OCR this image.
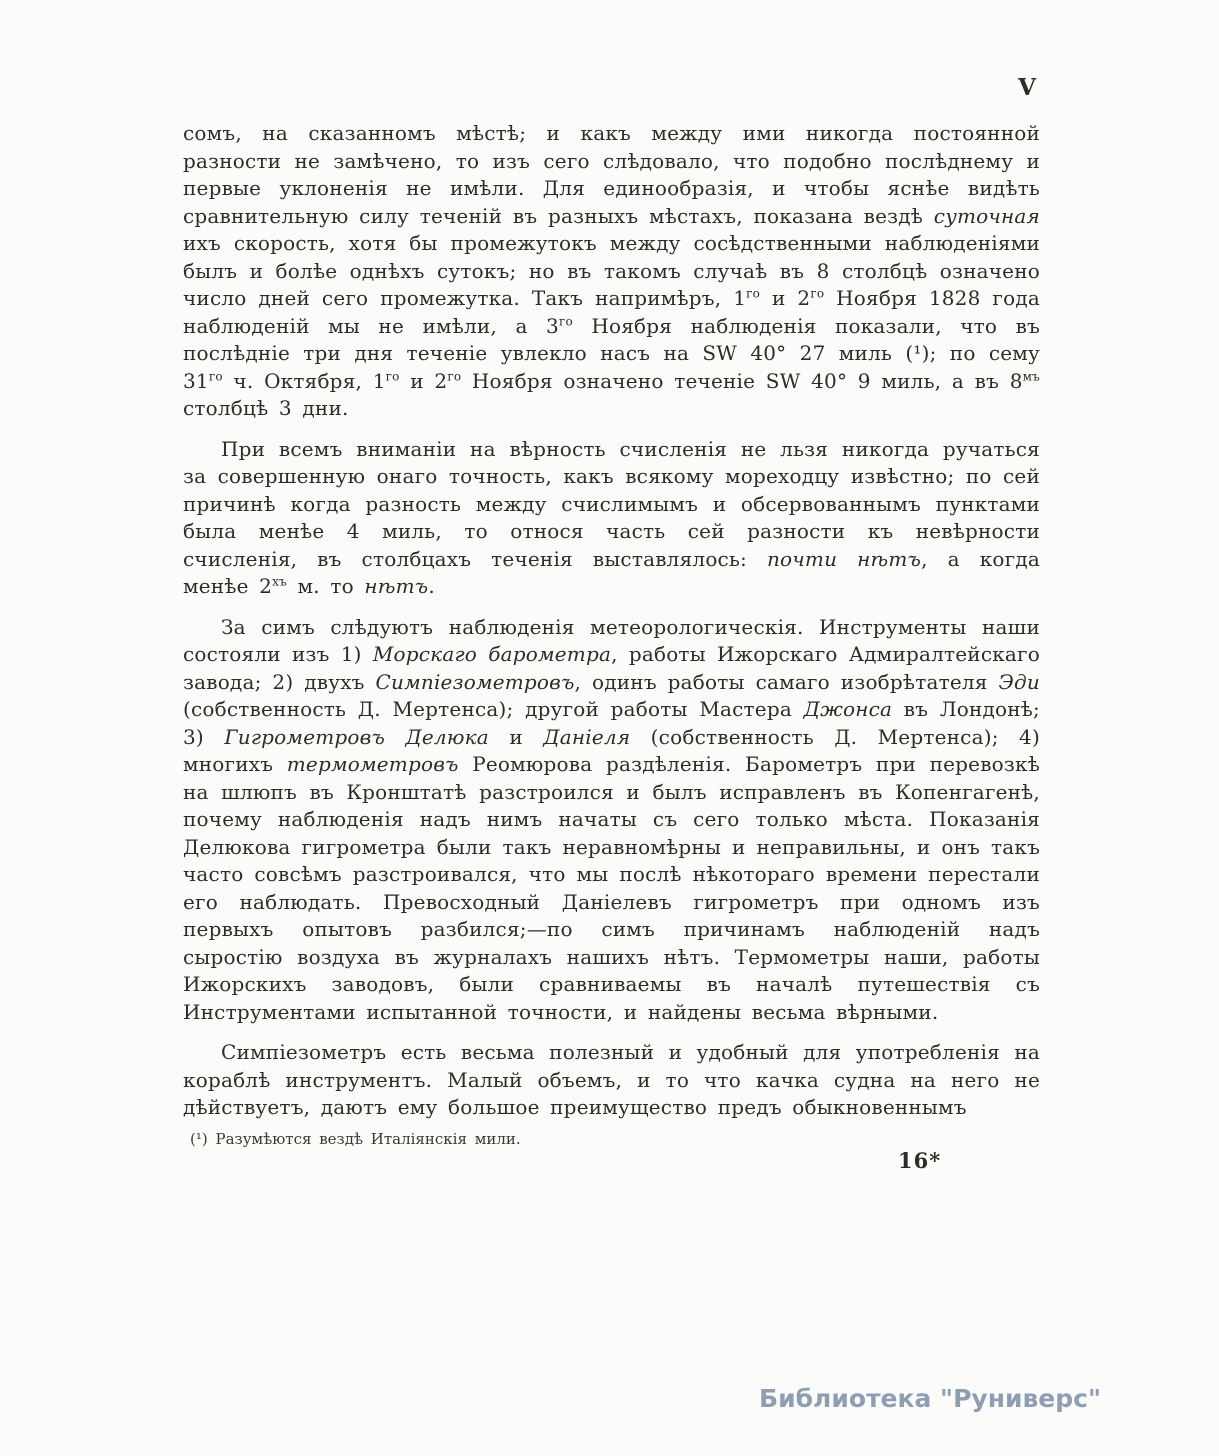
V

сомъ, на сказанномъ мѣстѣ; и какъ между ими никогда постоянной разности не замѣчено, то изъ сего слѣдовало, что подобно послѣднему и первые уклоненія не имѣли. Для единообразія, и чтобы яснѣе видѣть сравнительную силу теченій въ разныхъ мѣстахъ, показана вездѣ суточная ихъ скорость, хотя бы промежутокъ между сосѣдственными наблюденіями былъ и болѣе однѣхъ сутокъ; но въ такомъ случаѣ въ 8 столбцѣ означено число дней сего промежутка. Такъ напримѣръ, $1^{го}$ и $2^{го}$ Ноября 1828 года наблюденій мы не имѣли, а $3^{го}$ Ноября наблюденія показали, что въ послѣдніе три дня теченіе увлекло насъ на SW 40° 27 миль (¹); по сему $31^{го}$ ч. Октября, $1^{го}$ и $2^{го}$ Ноября означено теченіе SW 40° 9 миль, а въ $8^{мъ}$ столбцѣ 3 дни.

При всемъ вниманіи на вѣрность счисленія не льзя никогда ручаться за совершенную онаго точность, какъ всякому мореходцу извѣстно; по сей причинѣ когда разность между счислимымъ и обсервованнымъ пунктами была менѣе 4 миль, то относя часть сей разности къ невѣрности счисленія, въ столбцахъ теченія выставлялось: почти нѣтъ, а когда менѣе $2^{хъ}$ м. то нѣтъ.

За симъ слѣдуютъ наблюденія метеорологическія. Инструменты наши состояли изъ 1) Морскаго барометра, работы Ижорскаго Адмиралтейскаго завода; 2) двухъ Симпіезометровъ, одинъ работы самаго изобрѣтателя Эди (собственность Д. Мертенса); другой работы Мастера Джонса въ Лондонѣ; 3) Гигрометровъ Делюка и Даніеля (собственность Д. Мертенса); 4) многихъ термометровъ Реомюрова раздѣленія. Барометръ при перевозкѣ на шлюпъ въ Кронштатѣ разстроился и былъ исправленъ въ Копенгагенѣ, почему наблюденія надъ нимъ начаты съ сего только мѣста. Показанія Делюкова гигрометра были такъ неравномѣрны и неправильны, и онъ такъ часто совсѣмъ разстроивался, что мы послѣ нѣкотораго времени перестали его наблюдать. Превосходный Даніелевъ гигрометръ при одномъ изъ первыхъ опытовъ разбился;—по симъ причинамъ наблюденій надъ сыростію воздуха въ журналахъ нашихъ нѣтъ. Термометры наши, работы Ижорскихъ заводовъ, были сравниваемы въ началѣ путешествія съ Инструментами испытанной точности, и найдены весьма вѣрными.

Симпіезометръ есть весьма полезный и удобный для употребленія на кораблѣ инструментъ. Малый объемъ, и то что качка судна на него не дѣйствуетъ, даютъ ему большое преимущество предъ обыкновеннымъ

(¹) Разумѣются вездѣ Италіянскія мили.
16*
Библиотека "Руниверс"
